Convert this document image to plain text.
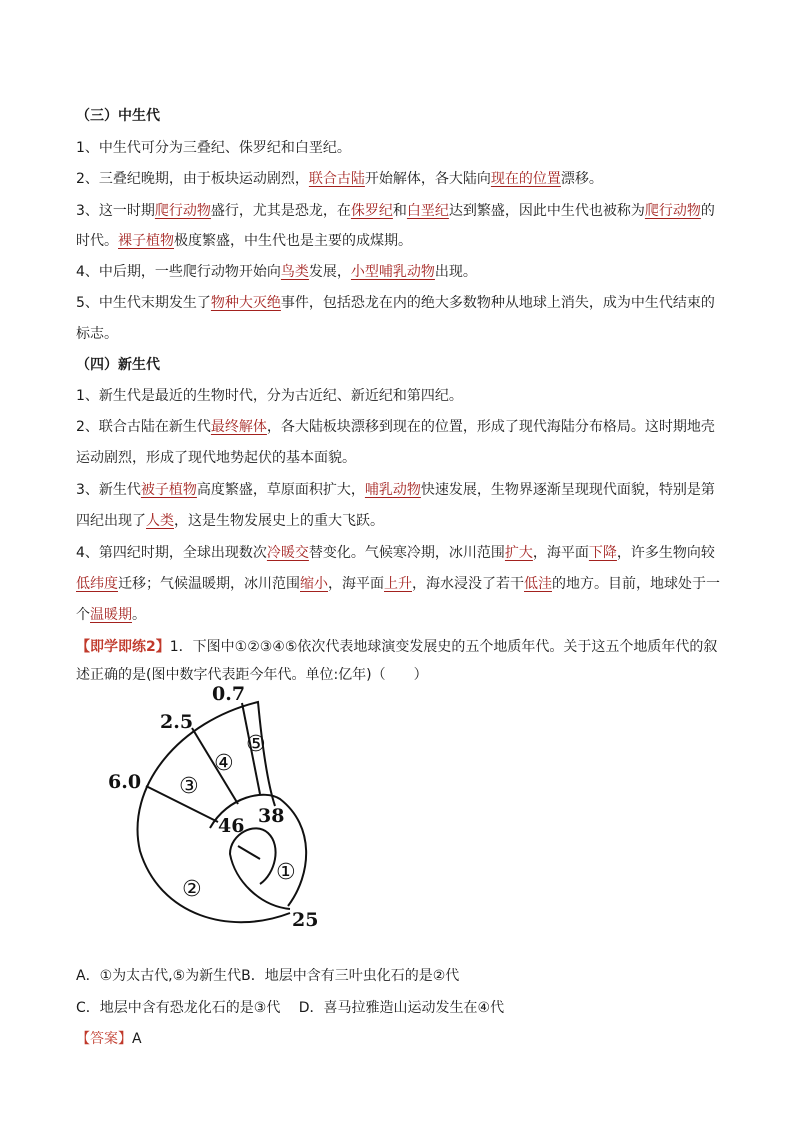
（三）中生代
1、中生代可分为三叠纪、侏罗纪和白垩纪。
2、三叠纪晚期，由于板块运动剧烈，联合古陆开始解体，各大陆向现在的位置漂移。
3、这一时期爬行动物盛行，尤其是恐龙，在侏罗纪和白垩纪达到繁盛，因此中生代也被称为爬行动物的
时代。裸子植物极度繁盛，中生代也是主要的成煤期。
4、中后期，一些爬行动物开始向鸟类发展，小型哺乳动物出现。
5、中生代末期发生了物种大灭绝事件，包括恐龙在内的绝大多数物种从地球上消失，成为中生代结束的
标志。
（四）新生代
1、新生代是最近的生物时代，分为古近纪、新近纪和第四纪。
2、联合古陆在新生代最终解体，各大陆板块漂移到现在的位置，形成了现代海陆分布格局。这时期地壳
运动剧烈，形成了现代地势起伏的基本面貌。
3、新生代被子植物高度繁盛，草原面积扩大，哺乳动物快速发展，生物界逐渐呈现现代面貌，特别是第
四纪出现了人类，这是生物发展史上的重大飞跃。
4、第四纪时期，全球出现数次冷暖交替变化。气候寒冷期，冰川范围扩大，海平面下降，许多生物向较
低纬度迁移；气候温暖期，冰川范围缩小，海平面上升，海水浸没了若干低洼的地方。目前，地球处于一
个温暖期。
【即学即练2】1．下图中①②③④⑤依次代表地球演变发展史的五个地质年代。关于这五个地质年代的叙
述正确的是(图中数字代表距今年代。单位:亿年)（　　）
0.7
2.5
6.0
46 38
25
①
②
③
④
⑤
A．①为太古代,⑤为新生代B．地层中含有三叶虫化石的是②代
C．地层中含有恐龙化石的是③代　 D．喜马拉雅造山运动发生在④代
【答案】A
